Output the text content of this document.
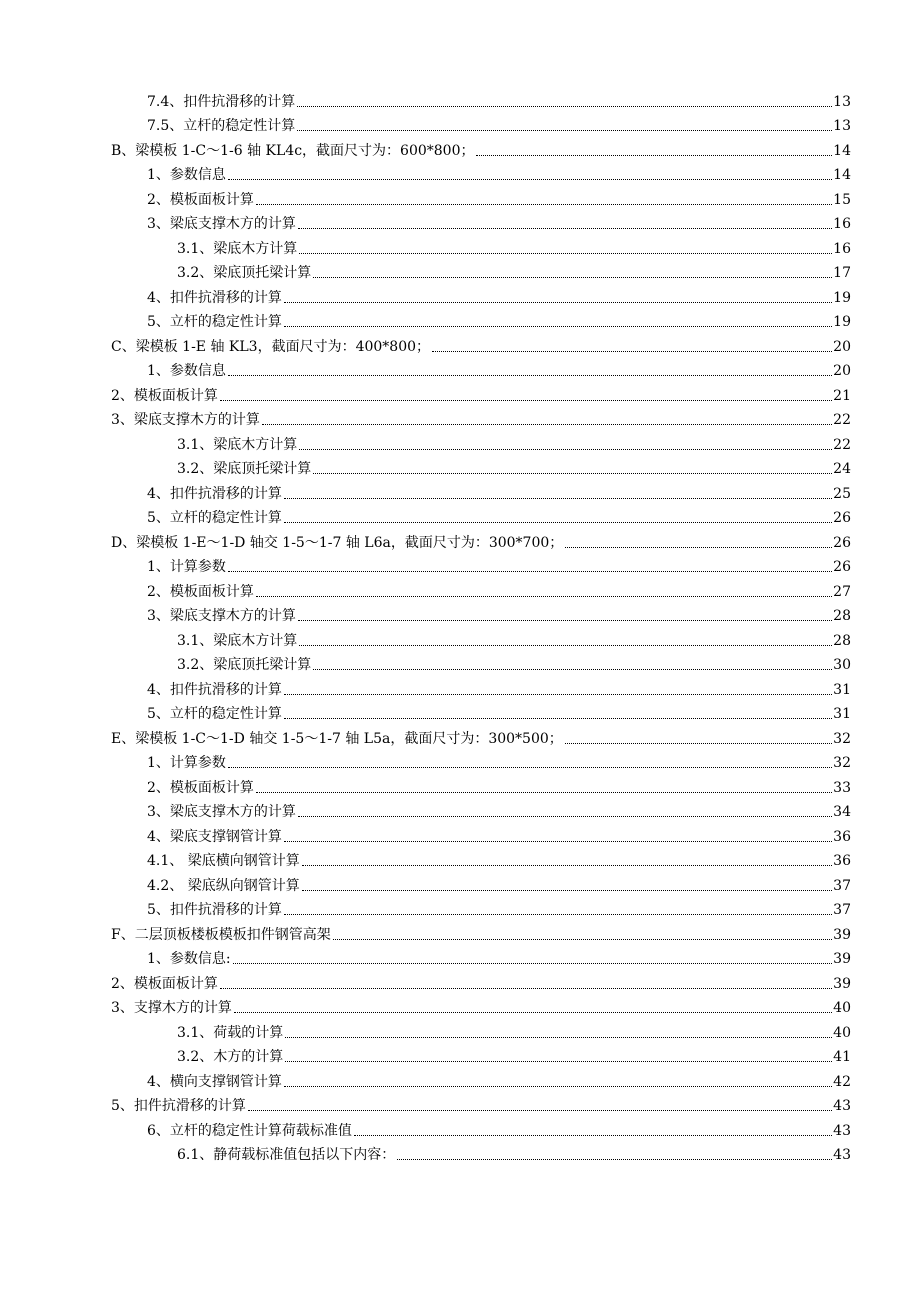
7.4、扣件抗滑移的计算	13
7.5、立杆的稳定性计算	13
B、梁模板 1-C～1-6 轴 KL4c，截面尺寸为：600*800；	14
1、参数信息	14
2、模板面板计算	15
3、梁底支撑木方的计算	16
3.1、梁底木方计算	16
3.2、梁底顶托梁计算	17
4、扣件抗滑移的计算	19
5、立杆的稳定性计算	19
C、梁模板 1-E 轴 KL3，截面尺寸为：400*800；	20
1、参数信息	20
2、模板面板计算	21
3、梁底支撑木方的计算	22
3.1、梁底木方计算	22
3.2、梁底顶托梁计算	24
4、扣件抗滑移的计算	25
5、立杆的稳定性计算	26
D、梁模板 1-E～1-D 轴交 1-5～1-7 轴 L6a，截面尺寸为：300*700；	26
1、计算参数	26
2、模板面板计算	27
3、梁底支撑木方的计算	28
3.1、梁底木方计算	28
3.2、梁底顶托梁计算	30
4、扣件抗滑移的计算	31
5、立杆的稳定性计算	31
E、梁模板 1-C～1-D 轴交 1-5～1-7 轴 L5a，截面尺寸为：300*500；	32
1、计算参数	32
2、模板面板计算	33
3、梁底支撑木方的计算	34
4、梁底支撑钢管计算	36
4.1、 梁底横向钢管计算	36
4.2、 梁底纵向钢管计算	37
5、扣件抗滑移的计算	37
F、二层顶板楼板模板扣件钢管高架	39
1、参数信息:	39
2、模板面板计算	39
3、支撑木方的计算	40
3.1、荷载的计算	40
3.2、木方的计算	41
4、横向支撑钢管计算	42
5、扣件抗滑移的计算	43
6、立杆的稳定性计算荷载标准值	43
6.1、静荷载标准值包括以下内容：	43
